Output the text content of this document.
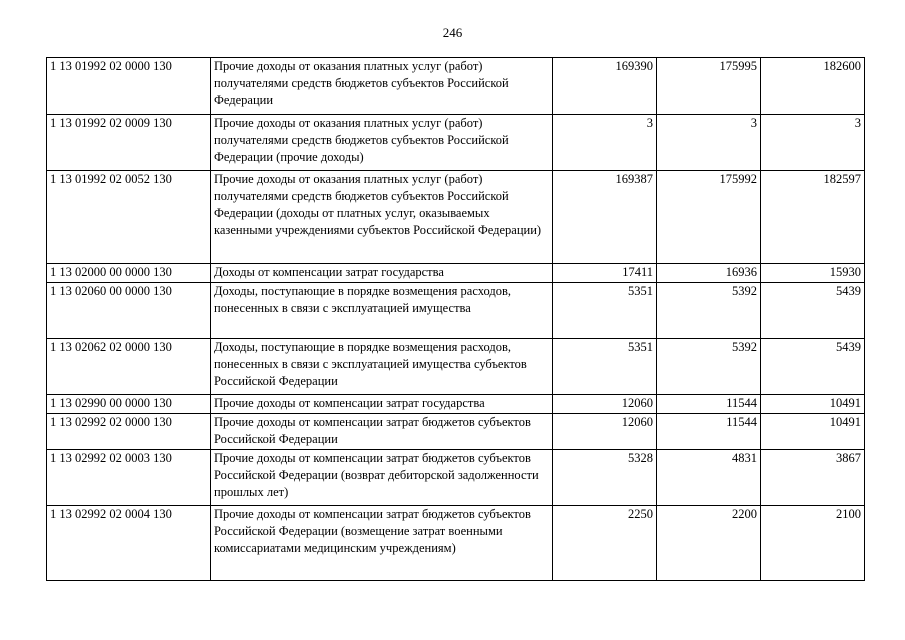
246
1 13 01992 02 0000 130	Прочие доходы от оказания платных услуг (работ) получателями средств бюджетов субъектов Российской Федерации	169390	175995	182600
1 13 01992 02 0009 130	Прочие доходы от оказания платных услуг (работ) получателями средств бюджетов субъектов Российской Федерации (прочие доходы)	3	3	3
1 13 01992 02 0052 130	Прочие доходы от оказания платных услуг (работ) получателями средств бюджетов субъектов Российской Федерации (доходы от платных услуг, оказываемых казенными учреждениями субъектов Российской Федерации)	169387	175992	182597
1 13 02000 00 0000 130	Доходы от компенсации затрат государства	17411	16936	15930
1 13 02060 00 0000 130	Доходы, поступающие в порядке возмещения расходов, понесенных в связи с эксплуатацией имущества	5351	5392	5439
1 13 02062 02 0000 130	Доходы, поступающие в порядке возмещения расходов, понесенных в связи с эксплуатацией имущества субъектов Российской Федерации	5351	5392	5439
1 13 02990 00 0000 130	Прочие доходы от компенсации затрат государства	12060	11544	10491
1 13 02992 02 0000 130	Прочие доходы от компенсации затрат бюджетов субъектов Российской Федерации	12060	11544	10491
1 13 02992 02 0003 130	Прочие доходы от компенсации затрат бюджетов субъектов Российской Федерации (возврат дебиторской задолженности прошлых лет)	5328	4831	3867
1 13 02992 02 0004 130	Прочие доходы от компенсации затрат бюджетов субъектов Российской Федерации (возмещение затрат военными комиссариатами медицинским учреждениям)	2250	2200	2100
